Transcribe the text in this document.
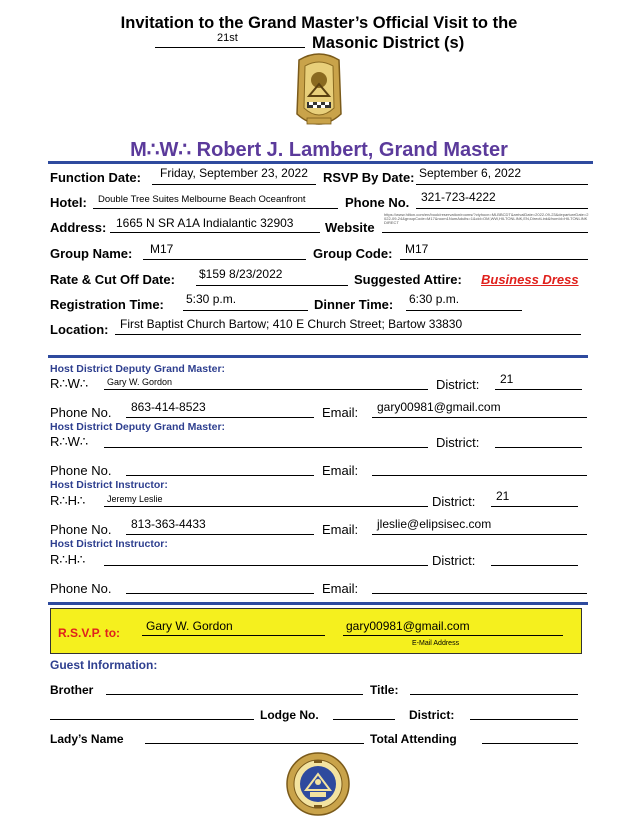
Invitation to the Grand Master’s Official Visit to the
21st	Masonic District (s)
M∴W∴ Robert J. Lambert, Grand Master
Function Date: Friday, September 23, 2022 RSVP By Date: September 6, 2022
Hotel: Double Tree Suites Melbourne Beach Oceanfront	Phone No. 321-723-4222
Address: 1665 N SR A1A Indialantic 32903 Website
https://www.hilton.com/en/book/reservation/rooms/?ctyhocn=MLBBCDT&arrivalDate=2022-09-23&departureDate=2022-09-24&groupCode=M17&room1NumAdults=1&cid=OM,WW,HILTONLINK,EN,DirectLink&fromId=HILTONLINKDIRECT
Group Name: M17	Group Code: M17
Rate & Cut Off Date: $159 8/23/2022	Suggested Attire: Business Dress
Registration Time: 5:30 p.m.	Dinner Time: 6:30 p.m.
Location: First Baptist Church Bartow; 410 E Church Street; Bartow 33830
Host District Deputy Grand Master:
R∴W∴ Gary W. Gordon	District: 21
Phone No. 863-414-8523	Email: gary00981@gmail.com
Host District Deputy Grand Master:
R∴W∴	District:
Phone No.	Email:
Host District Instructor:
R∴H∴ Jeremy Leslie	District: 21
Phone No. 813-363-4433	Email: jleslie@elipsisec.com
Host District Instructor:
R∴H∴	District:
Phone No.	Email:
R.S.V.P. to: Gary W. Gordon	gary00981@gmail.com
E-Mail Address
Guest Information:
Brother	Title:
Lodge No.	District:
Lady’s Name	Total Attending
